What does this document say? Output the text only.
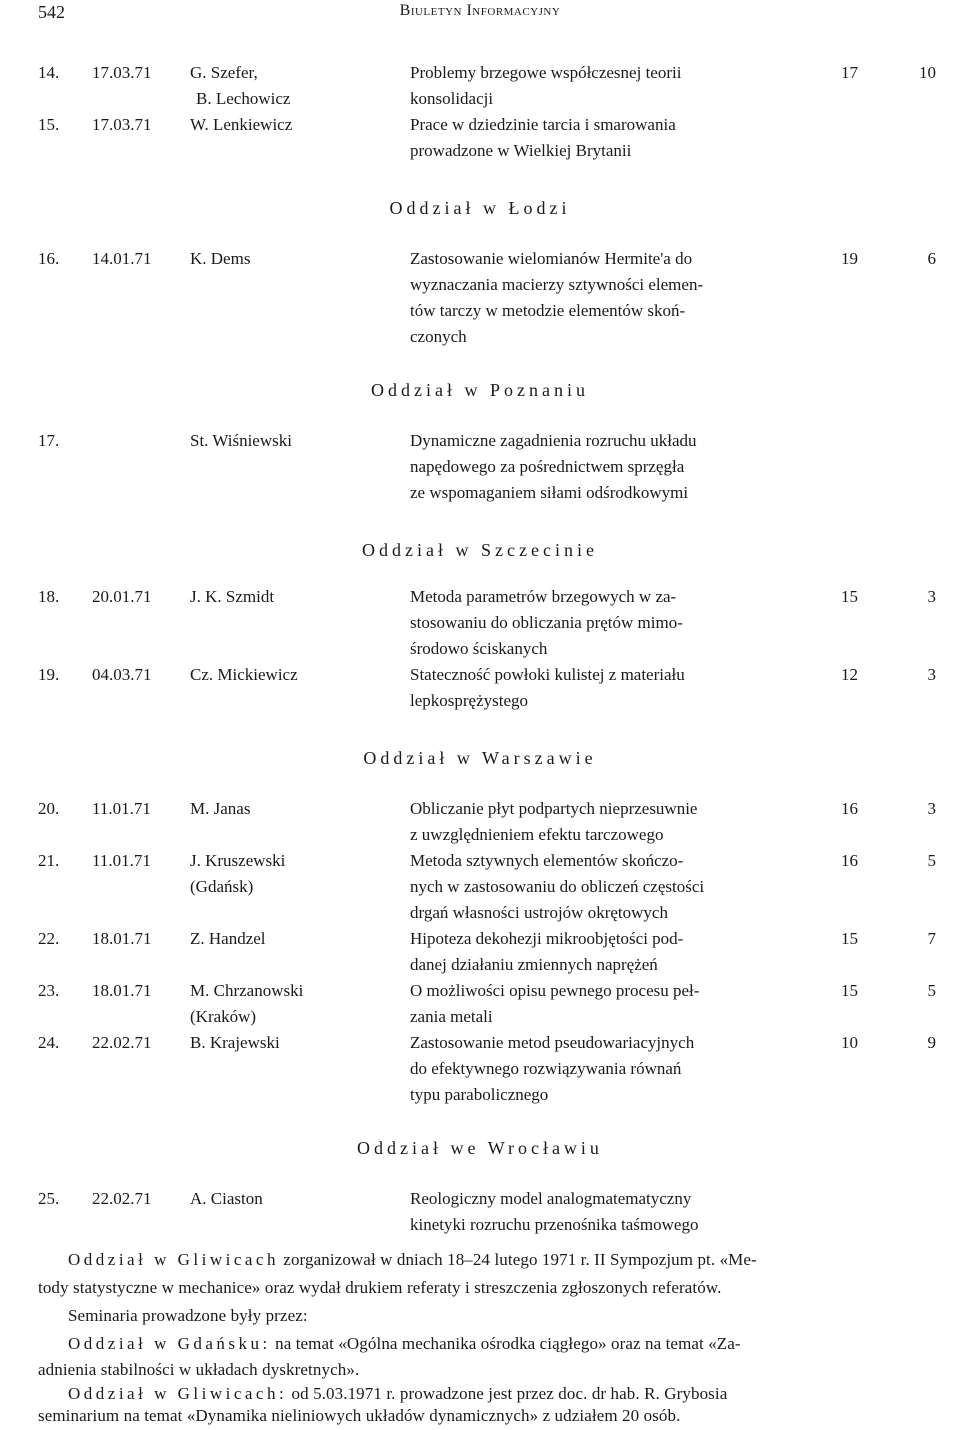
542	Biuletyn Informacyjny
14. 17.03.71 G. Szefer,
B. Lechowicz
Problemy brzegowe współczesnej teorii
konsolidacji
17	10
15. 17.03.71 W. Lenkiewicz	Prace w dziedzinie tarcia i smarowania
prowadzone w Wielkiej Brytanii
Oddział w Łodzi
16. 14.01.71 K. Dems	Zastosowanie wielomianów Hermite'a do
wyznaczania macierzy sztywności elemen-
tów tarczy w metodzie elementów skoń-
czonych
19	6
Oddział w Poznaniu
17.	St. Wiśniewski	Dynamiczne zagadnienia rozruchu układu
napędowego za pośrednictwem sprzęgła
ze wspomaganiem siłami odśrodkowymi
Oddział w Szczecinie
18. 20.01.71 J. K. Szmidt	Metoda parametrów brzegowych w za-
stosowaniu do obliczania prętów mimo-
środowo ściskanych
15	3
19. 04.03.71 Cz. Mickiewicz	Stateczność powłoki kulistej z materiału
lepkosprężystego
12	3
Oddział w Warszawie
20. 11.01.71 M. Janas	Obliczanie płyt podpartych nieprzesuwnie
z uwzględnieniem efektu tarczowego
16	3
21. 11.01.71 J. Kruszewski
(Gdańsk)
Metoda sztywnych elementów skończo-
nych w zastosowaniu do obliczeń częstości
drgań własności ustrojów okrętowych
16	5
22. 18.01.71 Z. Handzel	Hipoteza dekohezji mikroobjętości pod-
danej działaniu zmiennych naprężeń
15	7
23. 18.01.71 M. Chrzanowski
(Kraków)
O możliwości opisu pewnego procesu peł-
zania metali
15	5
24. 22.02.71 B. Krajewski	Zastosowanie metod pseudowariacyjnych
do efektywnego rozwiązywania równań
typu parabolicznego
10	9
Oddział we Wrocławiu
25. 22.02.71 A. Ciaston	Reologiczny model analogmatematyczny
kinetyki rozruchu przenośnika taśmowego
Oddział w Gliwicach zorganizował w dniach 18–24 lutego 1971 r. II Sympozjum pt. «Me-
tody statystyczne w mechanice» oraz wydał drukiem referaty i streszczenia zgłoszonych referatów.
Seminaria prowadzone były przez:
Oddział w Gdańsku: na temat «Ogólna mechanika ośrodka ciągłego» oraz na temat «Za-
adnienia stabilności w układach dyskretnych».
Oddział w Gliwicach: od 5.03.1971 r. prowadzone jest przez doc. dr hab. R. Grybosia
seminarium na temat «Dynamika nieliniowych układów dynamicznych» z udziałem 20 osób.
